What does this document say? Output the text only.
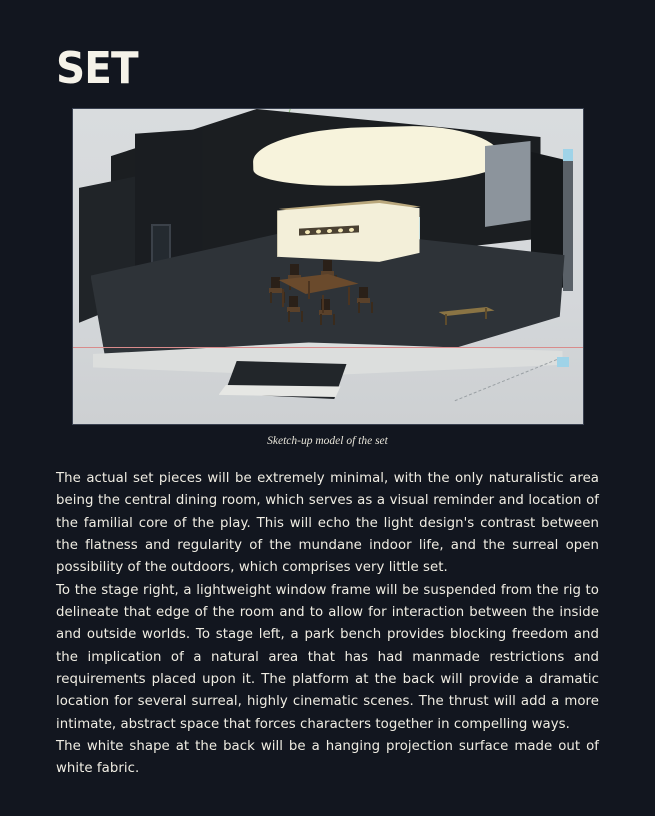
SET
Sketch-up model of the set

The actual set pieces will be extremely minimal, with the only naturalistic area being the central dining room, which serves as a visual reminder and location of the familial core of the play. This will echo the light design's contrast between the flatness and regularity of the mundane indoor life, and the surreal open possibility of the outdoors, which comprises very little set.

To the stage right, a lightweight window frame will be suspended from the rig to delineate that edge of the room and to allow for interaction between the inside and outside worlds. To stage left, a park bench provides blocking freedom and the implication of a natural area that has had manmade restrictions and requirements placed upon it. The platform at the back will provide a dramatic location for several surreal, highly cinematic scenes. The thrust will add a more intimate, abstract space that forces characters together in compelling ways.

The white shape at the back will be a hanging projection surface made out of white fabric.
